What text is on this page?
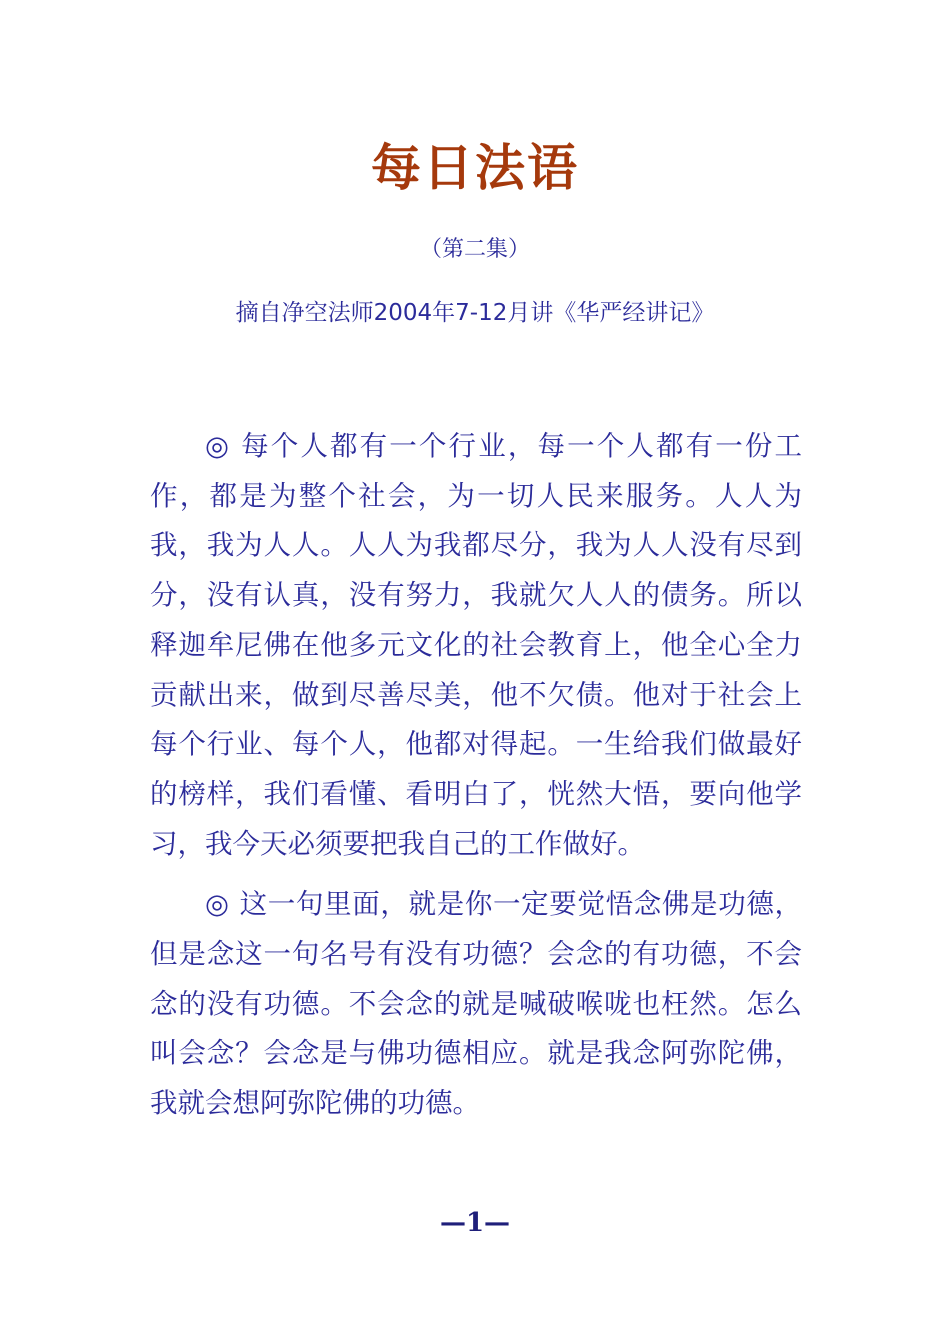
每日法语

（第二集）

摘自净空法师2004年7-12月讲《华严经讲记》

◎ 每个人都有一个行业，每一个人都有一份工作，都是为整个社会，为一切人民来服务。人人为我，我为人人。人人为我都尽分，我为人人没有尽到分，没有认真，没有努力，我就欠人人的债务。所以释迦牟尼佛在他多元文化的社会教育上，他全心全力贡献出来，做到尽善尽美，他不欠债。他对于社会上每个行业、每个人，他都对得起。一生给我们做最好的榜样，我们看懂、看明白了，恍然大悟，要向他学习，我今天必须要把我自己的工作做好。

◎ 这一句里面，就是你一定要觉悟念佛是功德，但是念这一句名号有没有功德？会念的有功德，不会念的没有功德。不会念的就是喊破喉咙也枉然。怎么叫会念？会念是与佛功德相应。就是我念阿弥陀佛，我就会想阿弥陀佛的功德。

—1—
